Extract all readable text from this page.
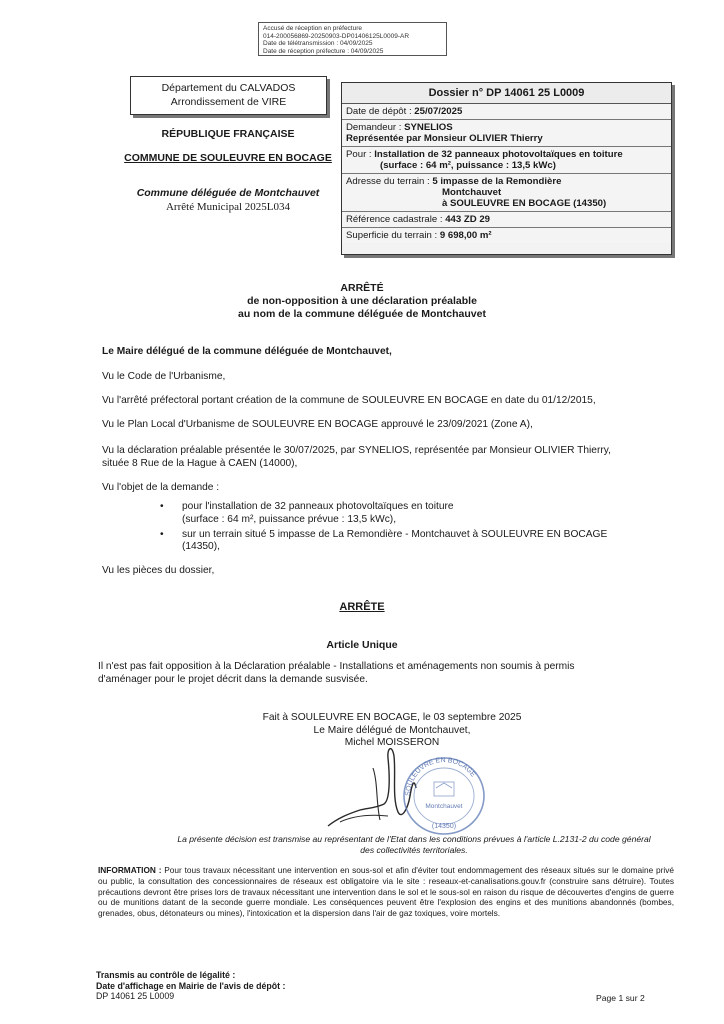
Accusé de réception en préfecture
014-200056869-20250903-DP01406125L0009-AR
Date de télétransmission : 04/09/2025
Date de réception préfecture : 04/09/2025
Département du CALVADOS
Arrondissement de VIRE
RÉPUBLIQUE FRANÇAISE
COMMUNE DE SOULEUVRE EN BOCAGE
Commune déléguée de Montchauvet
Arrêté Municipal 2025L034
Dossier n° DP 14061 25 L0009
Date de dépôt : 25/07/2025
Demandeur : SYNELIOS
Représentée par Monsieur OLIVIER Thierry
Pour : Installation de 32 panneaux photovoltaïques en toiture
(surface : 64 m², puissance : 13,5 kWc)
Adresse du terrain : 5 impasse de la Remondière
Montchauvet
à SOULEUVRE EN BOCAGE (14350)
Référence cadastrale : 443 ZD 29
Superficie du terrain : 9 698,00 m²
ARRÊTÉ
de non-opposition à une déclaration préalable
au nom de la commune déléguée de Montchauvet
Le Maire délégué de la commune déléguée de Montchauvet,
Vu le Code de l'Urbanisme,
Vu l'arrêté préfectoral portant création de la commune de SOULEUVRE EN BOCAGE en date du 01/12/2015,
Vu le Plan Local d'Urbanisme de SOULEUVRE EN BOCAGE approuvé le 23/09/2021 (Zone A),
Vu la déclaration préalable présentée le 30/07/2025, par SYNELIOS, représentée par Monsieur OLIVIER Thierry,
située 8 Rue de la Hague à CAEN (14000),
Vu l'objet de la demande :
• pour l'installation de 32 panneaux photovoltaïques en toiture
(surface : 64 m², puissance prévue : 13,5 kWc),
• sur un terrain situé 5 impasse de La Remondière - Montchauvet à SOULEUVRE EN BOCAGE
(14350),
Vu les pièces du dossier,
ARRÊTE
Article Unique
Il n'est pas fait opposition à la Déclaration préalable - Installations et aménagements non soumis à permis
d'aménager pour le projet décrit dans la demande susvisée.
Fait à SOULEUVRE EN BOCAGE, le 03 septembre 2025
Le Maire délégué de Montchauvet,
Michel MOISSERON
SOULEUVRE EN BOCAGE
Montchauvet
(14350)
La présente décision est transmise au représentant de l'Etat dans les conditions prévues à l'article L.2131-2 du code général
des collectivités territoriales.
INFORMATION : Pour tous travaux nécessitant une intervention en sous-sol et afin d'éviter tout endommagement des réseaux situés sur le domaine privé ou public, la consultation des concessionnaires de réseaux est obligatoire via le site : reseaux-et-canalisations.gouv.fr (construire sans détruire). Toutes précautions devront être prises lors de travaux nécessitant une intervention dans le sol et le sous-sol en raison du risque de découvertes d'engins de guerre ou de munitions datant de la seconde guerre mondiale. Les conséquences peuvent être l'explosion des engins et des munitions abandonnés (bombes, grenades, obus, détonateurs ou mines), l'intoxication et la dispersion dans l'air de gaz toxiques, voire mortels.
Transmis au contrôle de légalité :
Date d'affichage en Mairie de l'avis de dépôt :
DP 14061 25 L0009	Page 1 sur 2
